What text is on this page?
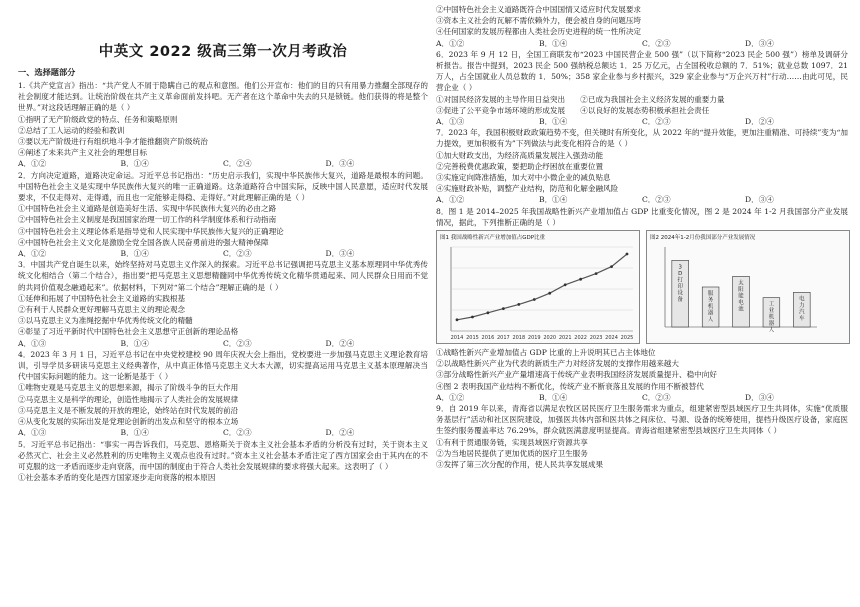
中英文 2022 级高三第一次月考政治
一、选择题部分

1.《共产党宣言》指出：“共产党人不屑于隐瞒自己的观点和意图。他们公开宣布：他们的目的只有用暴力推翻全部现存的社会制度才能达到。让统治阶级在共产主义革命面前发抖吧。无产者在这个革命中失去的只是锁链。他们获得的将是整个世界。”对这段话理解正确的是（ ）

①指明了无产阶级政党的特点、任务和策略原则
②总结了工人运动的经验和教训
③要以无产阶级进行有组织地斗争才能推翻资产阶级统治
④阐述了未来共产主义社会的理想目标
A．①②	B．①④	C．②④	D．③④

2．方向决定道路，道路决定命运。习近平总书记指出：“历史启示我们，实现中华民族伟大复兴，道路是最根本的问题。中国特色社会主义是实现中华民族伟大复兴的唯一正确道路。这条道路符合中国实际，反映中国人民意愿，适应时代发展要求，不仅走得对、走得通，而且也一定能够走得稳、走得好。”对此理解正确的是（ ）

①中国特色社会主义道路是创造美好生活、实现中华民族伟大复兴的必由之路
②中国特色社会主义制度是我国国家治理一切工作的科学制度体系和行动指南
③中国特色社会主义理论体系是指导党和人民实现中华民族伟大复兴的正确理论
④中国特色社会主义文化是激励全党全国各族人民奋勇前进的强大精神保障
A．①②	B．①④	C．②③	D．③④

3．中国共产党自诞生以来，始终坚持对马克思主义作深入的探索。习近平总书记强调把马克思主义基本原理同中华优秀传统文化相结合（第二个结合），指出要“把马克思主义思想精髓同中华优秀传统文化精华贯通起来、同人民群众日用而不觉的共同价值观念融通起来”。依据材料，下列对“第二个结合”理解正确的是（ ）

①延伸和拓展了中国特色社会主义道路的实践根基
②有利于人民群众更好理解马克思主义的理论观念
③以马克思主义为准绳挖掘中华优秀传统文化的精髓
④彰显了习近平新时代中国特色社会主义思想守正创新的理论品格
A．①③	B．①④	C．②③	D．②④

4．2023 年 3 月 1 日，习近平总书记在中央党校建校 90 周年庆祝大会上指出，党校要进一步加强马克思主义理论教育培训，引导学员多研读马克思主义经典著作，从中真正体悟马克思主义大本大源，切实提高运用马克思主义基本原理解决当代中国实际问题的能力。这一论断是基于（ ）

①唯物史观是马克思主义的思想来源，揭示了阶级斗争的巨大作用
②马克思主义是科学的理论，创造性地揭示了人类社会的发展规律
③马克思主义是不断发展的开放的理论，始终站在时代发展的前沿
④从变化发展的实际出发是党理论创新的出发点和坚守的根本立场
A．①③	B．①④	C．②③	D．②④

5．习近平总书记指出：“事实一再告诉我们，马克思、恩格斯关于资本主义社会基本矛盾的分析没有过时，关于资本主义必然灭亡、社会主义必然胜利的历史唯物主义观点也没有过时。”资本主义社会基本矛盾注定了西方国家会由于其内在的不可克服的这一矛盾而逐步走向衰落，而中国的制度由于符合人类社会发展规律的要求将强大起来。这表明了（ ）

①社会基本矛盾的变化是西方国家逐步走向衰落的根本原因
②中国特色社会主义道路既符合中国国情又适应时代发展要求
③资本主义社会的瓦解不需依赖外力，便会被自身的问题压垮
④任何国家的发展历程都由人类社会历史进程的统一性所决定
A．①②	B．①④	C．②③	D．③④

6．2023 年 9 月 12 日，全国工商联发布“2023 中国民营企业 500 强”（以下简称“2023 民企 500 强”）榜单及调研分析报告。报告中提到，2023 民企 500 强纳税总额达 1．25 万亿元，占全国税收总额的 7．51%；就业总数 1097．21 万人，占全国就业人员总数的 1．50%；358 家企业参与乡村振兴，329 家企业参与“万企兴万村”行动……由此可见，民营企业（ ）

①对国民经济发展的主导作用日益突出　　②已成为我国社会主义经济发展的重要力量
③促进了公平竞争市场环境的形成发展　　④以良好的发展态势积极承担社会责任
A．①③	B．①④	C．②③	D．②④

7．2023 年，我国积极财政政策趋势不变，但关键时有所变化，从 2022 年的“提升效能，更加注重精准、可持续”变为“加力提效，更加积极有为”下列做法与此变化相符合的是（ ）

①加大财政支出，为经济高质量发展注入强劲动能
②完善税费优惠政策，要把助企纾困放在重要位置
③实施定向降准措施，加大对中小微企业的减负贴息
④实施财政补贴，调整产业结构，防范和化解金融风险
A．①②	B．①④	C．②③	D．③④

8．图 1 是 2014–2025 年我国战略性新兴产业增加值占 GDP 比重变化情况，图 2 是 2024 年 1-2 月我国部分产业发展情况，据此，下列推断正确的是（ ）

图1 我国战略性新兴产业增加值占GDP比重
2014 2015 2016 2017 2018 2019 2020 2021 2022 2023 2024 2025
图2 2024年1-2月份我国部分产业发展情况
3
D
打
印
设
备
服
务
机
器
人
太
阳
能
电
池
工
业
机
器
人
电
力
汽
车
①战略性新兴产业增加值占 GDP 比重的上升说明其已占主体地位
②以战略性新兴产业为代表的新质生产力对经济发展的支撑作用越来越大
③部分战略性新兴产业产量增速高于传统产业表明我国经济发展质量提升、稳中向好
④图 2 表明我国产业结构不断优化，传统产业不断衰落且发展的作用不断被替代
A．①②	B．①④	C．②③	D．③④

9．自 2019 年以来，青海省以满足农牧区居民医疗卫生服务需求为重点，组建紧密型县域医疗卫生共同体，实施“优质服务基层行”活动和社区医院建设，加强医共体内部和医共体之间床位、号源、设备的统筹使用，提档升级医疗设备，家庭医生签约服务覆盖率达 76.29%，群众就医满意度明显提高。青海省组建紧密型县域医疗卫生共同体（ ）

①有利于贯通服务链，实现县域医疗资源共享
②为当地居民提供了更加优质的医疗卫生服务
③发挥了第三次分配的作用，使人民共享发展成果
